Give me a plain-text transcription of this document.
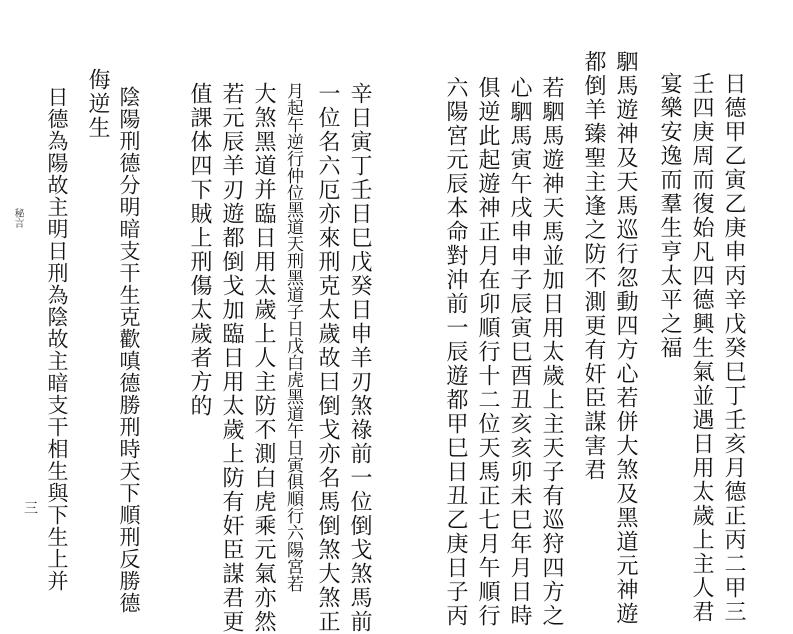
日德甲乙寅乙庚申丙辛戊癸巳丁壬亥月德正丙二甲三
壬四庚周而復始凡四德興生氣並遇日用太歲上主人君
宴樂安逸而羣生亨太平之福
駟馬遊神及天馬巡行忽動四方心若併大煞及黑道元神遊
都倒羊臻聖主逢之防不測更有奸臣謀害君
若駟馬遊神天馬並加日用太歲上主天子有巡狩四方之
心駟馬寅午戌申申子辰寅巳酉丑亥亥卯未巳年月日時
俱逆此起遊神正月在卯順行十二位天馬正七月午順行
六陽宮元辰本命對沖前一辰遊都甲巳日丑乙庚日子丙
辛日寅丁壬日巳戊癸日申羊刃煞祿前一位倒戈煞馬前
一位名六厄亦來刑克太歲故曰倒戈亦名馬倒煞大煞正
月起午逆行仲位黑道天刑黑道子日戊白虎黑道午日寅俱順行六陽宮若
大煞黑道并臨日用太歲上人主防不測白虎乘元氣亦然
若元辰羊刃遊都倒戈加臨日用太歲上防有奸臣謀君更
值課体四下賊上刑傷太歲者方的
陰陽刑德分明暗支干生克歡嗔德勝刑時天下順刑反勝德
侮逆生
日德為陽故主明日刑為陰故主暗支干相生與下生上并
秘言
三
